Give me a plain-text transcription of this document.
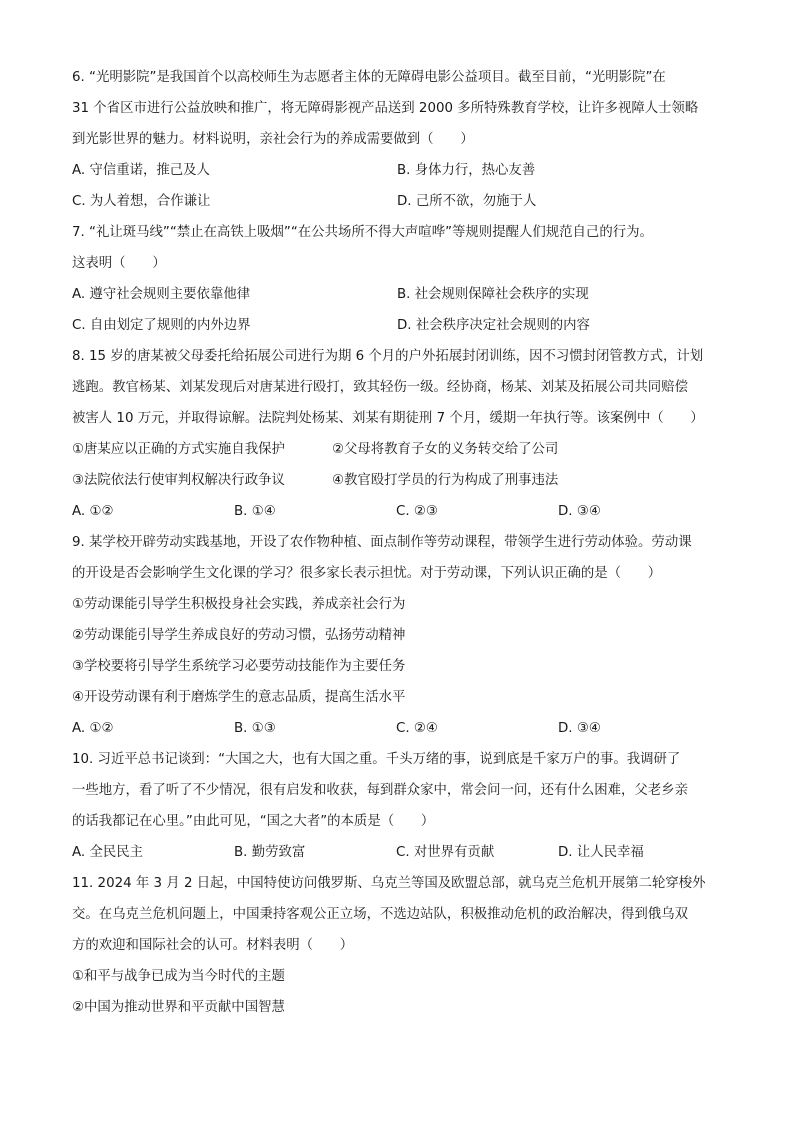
6. “光明影院”是我国首个以高校师生为志愿者主体的无障碍电影公益项目。截至目前，“光明影院”在
31 个省区市进行公益放映和推广，将无障碍影视产品送到 2000 多所特殊教育学校，让许多视障人士领略
到光影世界的魅力。材料说明，亲社会行为的养成需要做到（　　）
A. 守信重诺，推己及人	B. 身体力行，热心友善
C. 为人着想，合作谦让	D. 己所不欲，勿施于人
7. “礼让斑马线”“禁止在高铁上吸烟”“在公共场所不得大声喧哗”等规则提醒人们规范自己的行为。
这表明（　　）
A. 遵守社会规则主要依靠他律	B. 社会规则保障社会秩序的实现
C. 自由划定了规则的内外边界	D. 社会秩序决定社会规则的内容
8. 15 岁的唐某被父母委托给拓展公司进行为期 6 个月的户外拓展封闭训练，因不习惯封闭管教方式，计划
逃跑。教官杨某、刘某发现后对唐某进行殴打，致其轻伤一级。经协商，杨某、刘某及拓展公司共同赔偿
被害人 10 万元，并取得谅解。法院判处杨某、刘某有期徒刑 7 个月，缓期一年执行等。该案例中（　　）
①唐某应以正确的方式实施自我保护	②父母将教育子女的义务转交给了公司
③法院依法行使审判权解决行政争议	④教官殴打学员的行为构成了刑事违法
A. ①②	B. ①④	C. ②③	D. ③④
9. 某学校开辟劳动实践基地，开设了农作物种植、面点制作等劳动课程，带领学生进行劳动体验。劳动课
的开设是否会影响学生文化课的学习？很多家长表示担忧。对于劳动课，下列认识正确的是（　　）
①劳动课能引导学生积极投身社会实践，养成亲社会行为
②劳动课能引导学生养成良好的劳动习惯，弘扬劳动精神
③学校要将引导学生系统学习必要劳动技能作为主要任务
④开设劳动课有利于磨炼学生的意志品质，提高生活水平
A. ①②	B. ①③	C. ②④	D. ③④
10. 习近平总书记谈到：“大国之大，也有大国之重。千头万绪的事，说到底是千家万户的事。我调研了
一些地方，看了听了不少情况，很有启发和收获，每到群众家中，常会问一问，还有什么困难，父老乡亲
的话我都记在心里。”由此可见，“国之大者”的本质是（　　）
A. 全民民主	B. 勤劳致富	C. 对世界有贡献	D. 让人民幸福
11. 2024 年 3 月 2 日起，中国特使访问俄罗斯、乌克兰等国及欧盟总部，就乌克兰危机开展第二轮穿梭外
交。在乌克兰危机问题上，中国秉持客观公正立场，不选边站队，积极推动危机的政治解决，得到俄乌双
方的欢迎和国际社会的认可。材料表明（　　）
①和平与战争已成为当今时代的主题
②中国为推动世界和平贡献中国智慧
